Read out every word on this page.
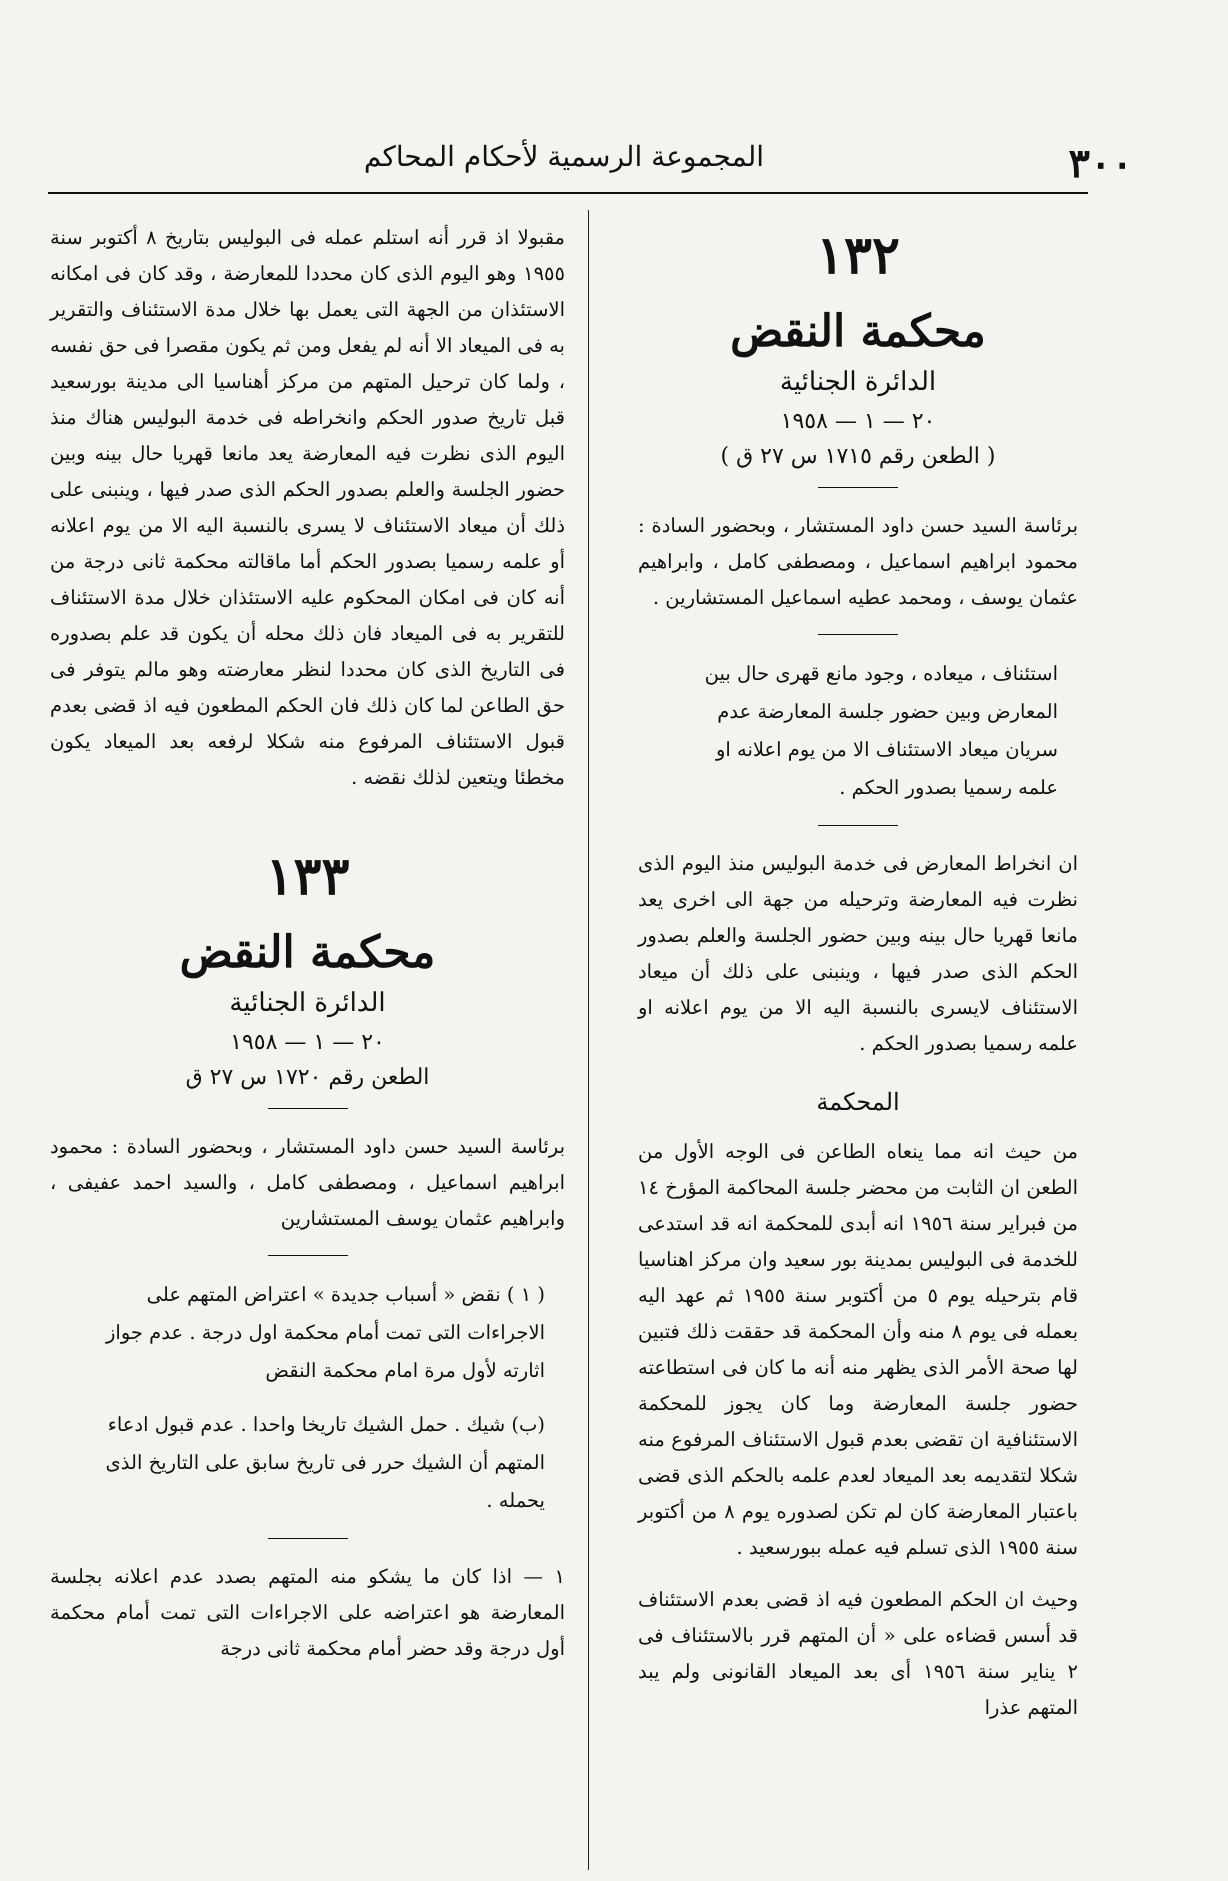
٣٠٠
المجموعة الرسمية لأحكام المحاكم
١٣٢
محكمة النقض
الدائرة الجنائية
٢٠ — ١ — ١٩٥٨
( الطعن رقم ١٧١٥ س ٢٧ ق )

برئاسة السيد حسن داود المستشار ، وبحضور السادة : محمود ابراهيم اسماعيل ، ومصطفى كامل ، وابراهيم عثمان يوسف ، ومحمد عطيه اسماعيل المستشارين .

استئناف ، ميعاده ، وجود مانع قهرى حال بين المعارض وبين حضور جلسة المعارضة عدم سريان ميعاد الاستئناف الا من يوم اعلانه او علمه رسميا بصدور الحكم .

ان انخراط المعارض فى خدمة البوليس منذ اليوم الذى نظرت فيه المعارضة وترحيله من جهة الى اخرى يعد مانعا قهريا حال بينه وبين حضور الجلسة والعلم بصدور الحكم الذى صدر فيها ، وينبنى على ذلك أن ميعاد الاستئناف لايسرى بالنسبة اليه الا من يوم اعلانه او علمه رسميا بصدور الحكم .

المحكمة

من حيث انه مما ينعاه الطاعن فى الوجه الأول من الطعن ان الثابت من محضر جلسة المحاكمة المؤرخ ١٤ من فبراير سنة ١٩٥٦ انه أبدى للمحكمة انه قد استدعى للخدمة فى البوليس بمدينة بور سعيد وان مركز اهناسيا قام بترحيله يوم ٥ من أكتوبر سنة ١٩٥٥ ثم عهد اليه بعمله فى يوم ٨ منه وأن المحكمة قد حققت ذلك فتبين لها صحة الأمر الذى يظهر منه أنه ما كان فى استطاعته حضور جلسة المعارضة وما كان يجوز للمحكمة الاستئنافية ان تقضى بعدم قبول الاستئناف المرفوع منه شكلا لتقديمه بعد الميعاد لعدم علمه بالحكم الذى قضى باعتبار المعارضة كان لم تكن لصدوره يوم ٨ من أكتوبر سنة ١٩٥٥ الذى تسلم فيه عمله ببورسعيد .

وحيث ان الحكم المطعون فيه اذ قضى بعدم الاستئناف قد أسس قضاءه على « أن المتهم قرر بالاستئناف فى ٢ يناير سنة ١٩٥٦ أى بعد الميعاد القانونى ولم يبد المتهم عذرا

مقبولا اذ قرر أنه استلم عمله فى البوليس بتاريخ ٨ أكتوبر سنة ١٩٥٥ وهو اليوم الذى كان محددا للمعارضة ، وقد كان فى امكانه الاستئذان من الجهة التى يعمل بها خلال مدة الاستئناف والتقرير به فى الميعاد الا أنه لم يفعل ومن ثم يكون مقصرا فى حق نفسه ، ولما كان ترحيل المتهم من مركز أهناسيا الى مدينة بورسعيد قبل تاريخ صدور الحكم وانخراطه فى خدمة البوليس هناك منذ اليوم الذى نظرت فيه المعارضة يعد مانعا قهريا حال بينه وبين حضور الجلسة والعلم بصدور الحكم الذى صدر فيها ، وينبنى على ذلك أن ميعاد الاستئناف لا يسرى بالنسبة اليه الا من يوم اعلانه أو علمه رسميا بصدور الحكم أما ماقالته محكمة ثانى درجة من أنه كان فى امكان المحكوم عليه الاستئذان خلال مدة الاستئناف للتقرير به فى الميعاد فان ذلك محله أن يكون قد علم بصدوره فى التاريخ الذى كان محددا لنظر معارضته وهو مالم يتوفر فى حق الطاعن لما كان ذلك فان الحكم المطعون فيه اذ قضى بعدم قبول الاستئناف المرفوع منه شكلا لرفعه بعد الميعاد يكون مخطئا ويتعين لذلك نقضه .

١٣٣
محكمة النقض
الدائرة الجنائية
٢٠ — ١ — ١٩٥٨
الطعن رقم ١٧٢٠ س ٢٧ ق

برئاسة السيد حسن داود المستشار ، وبحضور السادة : محمود ابراهيم اسماعيل ، ومصطفى كامل ، والسيد احمد عفيفى ، وابراهيم عثمان يوسف المستشارين

( ١ ) نقض « أسباب جديدة » اعتراض المتهم على الاجراءات التى تمت أمام محكمة اول درجة . عدم جواز اثارته لأول مرة امام محكمة النقض

(ب) شيك . حمل الشيك تاريخا واحدا . عدم قبول ادعاء المتهم أن الشيك حرر فى تاريخ سابق على التاريخ الذى يحمله .

١ — اذا كان ما يشكو منه المتهم بصدد عدم اعلانه بجلسة المعارضة هو اعتراضه على الاجراءات التى تمت أمام محكمة أول درجة وقد حضر أمام محكمة ثانى درجة
